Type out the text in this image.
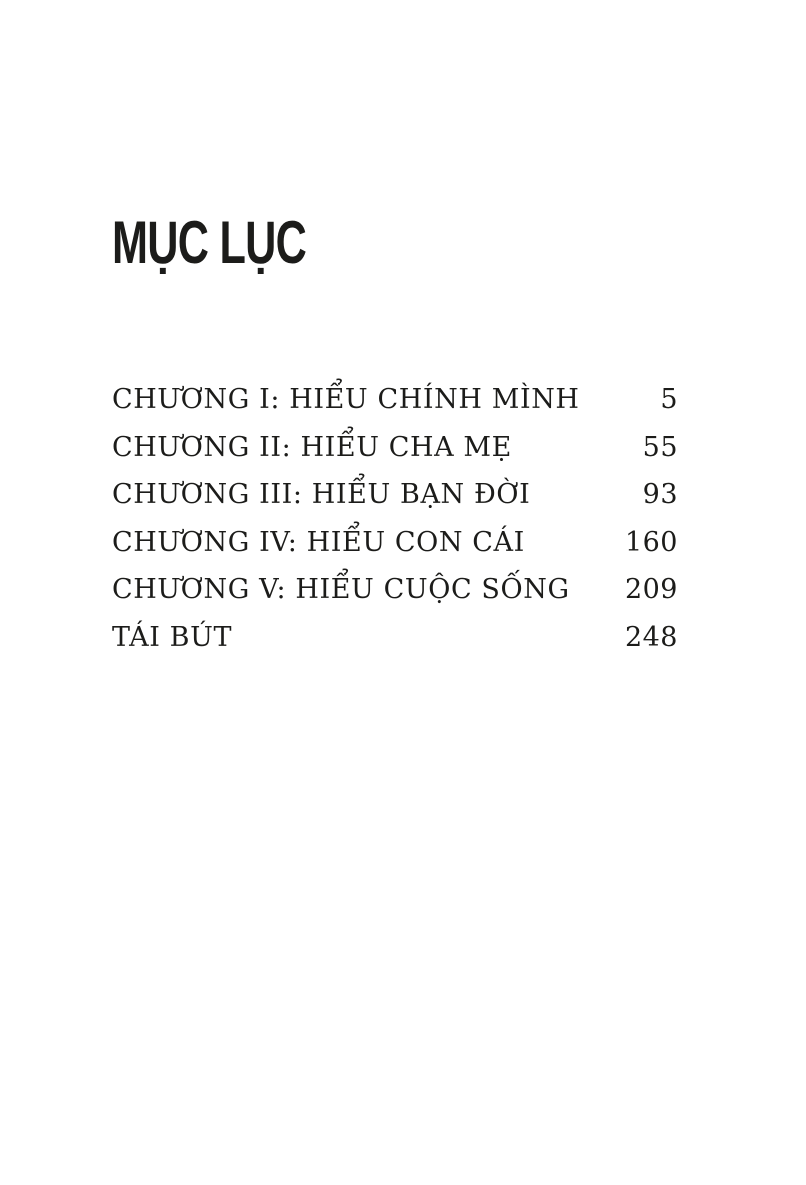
MỤC LỤC
CHƯƠNG I: HIỂU CHÍNH MÌNH	5
CHƯƠNG II: HIỂU CHA MẸ	55
CHƯƠNG III: HIỂU BẠN ĐỜI	93
CHƯƠNG IV: HIỂU CON CÁI	160
CHƯƠNG V: HIỂU CUỘC SỐNG 209
TÁI BÚT	248
